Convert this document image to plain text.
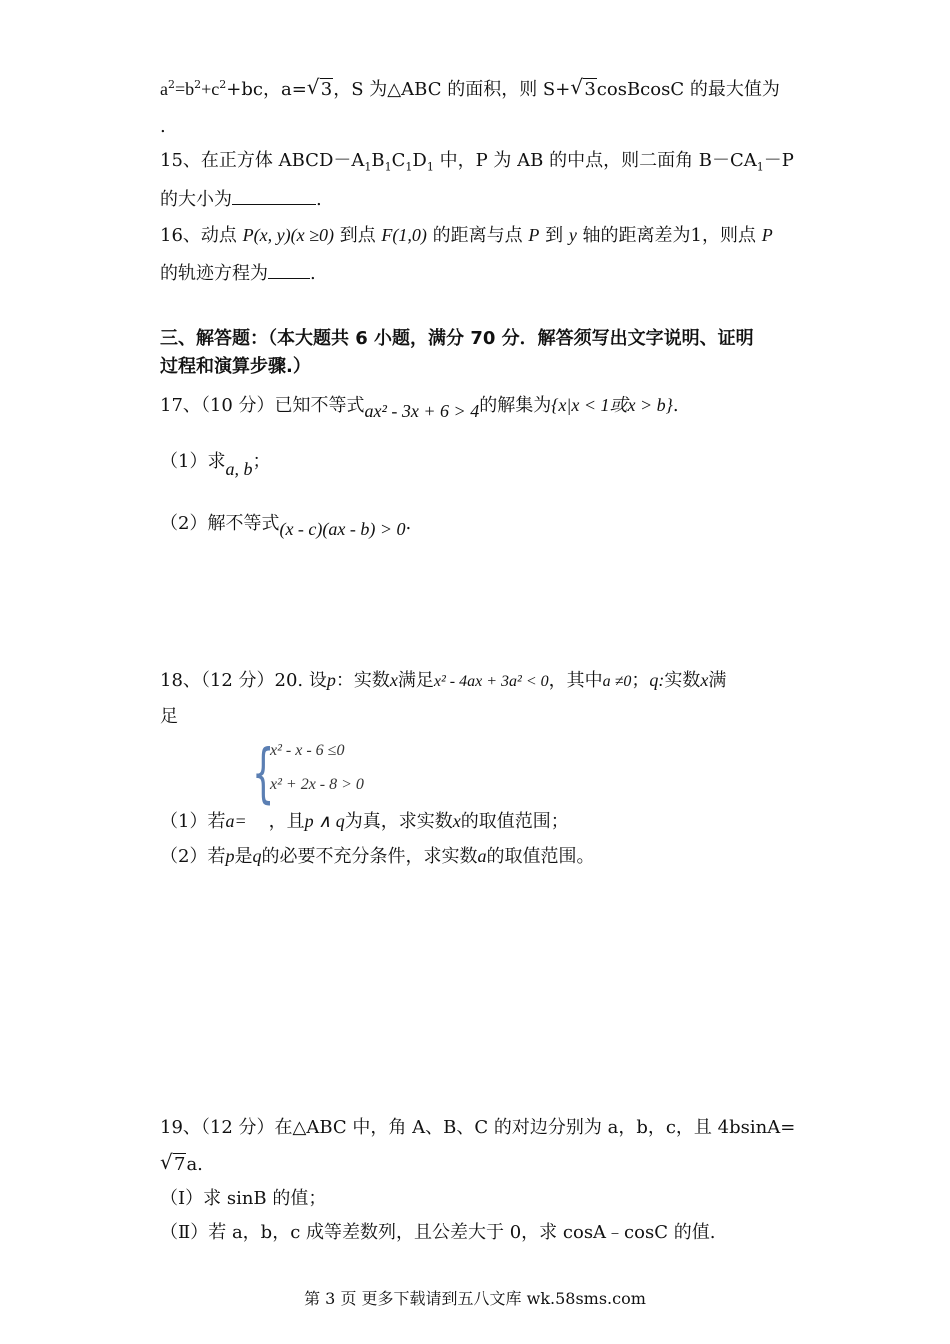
$a^2=b^2+c^2+bc$，a= √ 3，S 为△ABC 的面积，则 S+ √ 3cosBcosC 的最大值为
.
15、在正方体 $ABCD-A_1B_1C_1D_1$ 中，P 为 AB 的中点，则二面角 $B-CA_1-P$
的大小为	.
16、动点 P(x, y)(x ≥0) 到点 F(1,0) 的距离与点 P 到 y 轴的距离差为1，则点 P
的轨迹方程为 .
三、解答题：（本大题共 6 小题，满分 70 分．解答须写出文字说明、证明
过程和演算步骤.）
17、（10 分）已知不等式ax² - 3x + 6 > 4的解集为{x|x < 1或x > b}.
（1）求a, b；
（2）解不等式(x - c)(ax - b) > 0.
18、（12 分）20. 设p：实数x满足x² - 4ax + 3a² < 0，其中a ≠0；q:实数x满
足
{
x² - x - 6 ≤0
x² + 2x - 8 > 0
（1）若a= ，且p ∧ q为真，求实数x的取值范围；
（2）若p是q的必要不充分条件，求实数a的取值范围。
19、（12 分）在△ABC 中，角 A、B、C 的对边分别为 a，b，c，且 4bsinA=
√ 7a.
（Ⅰ）求 sinB 的值；
（Ⅱ）若 a，b，c 成等差数列，且公差大于 0，求 cosA﹣cosC 的值.
第 3 页 更多下载请到五八文库 wk.58sms.com
